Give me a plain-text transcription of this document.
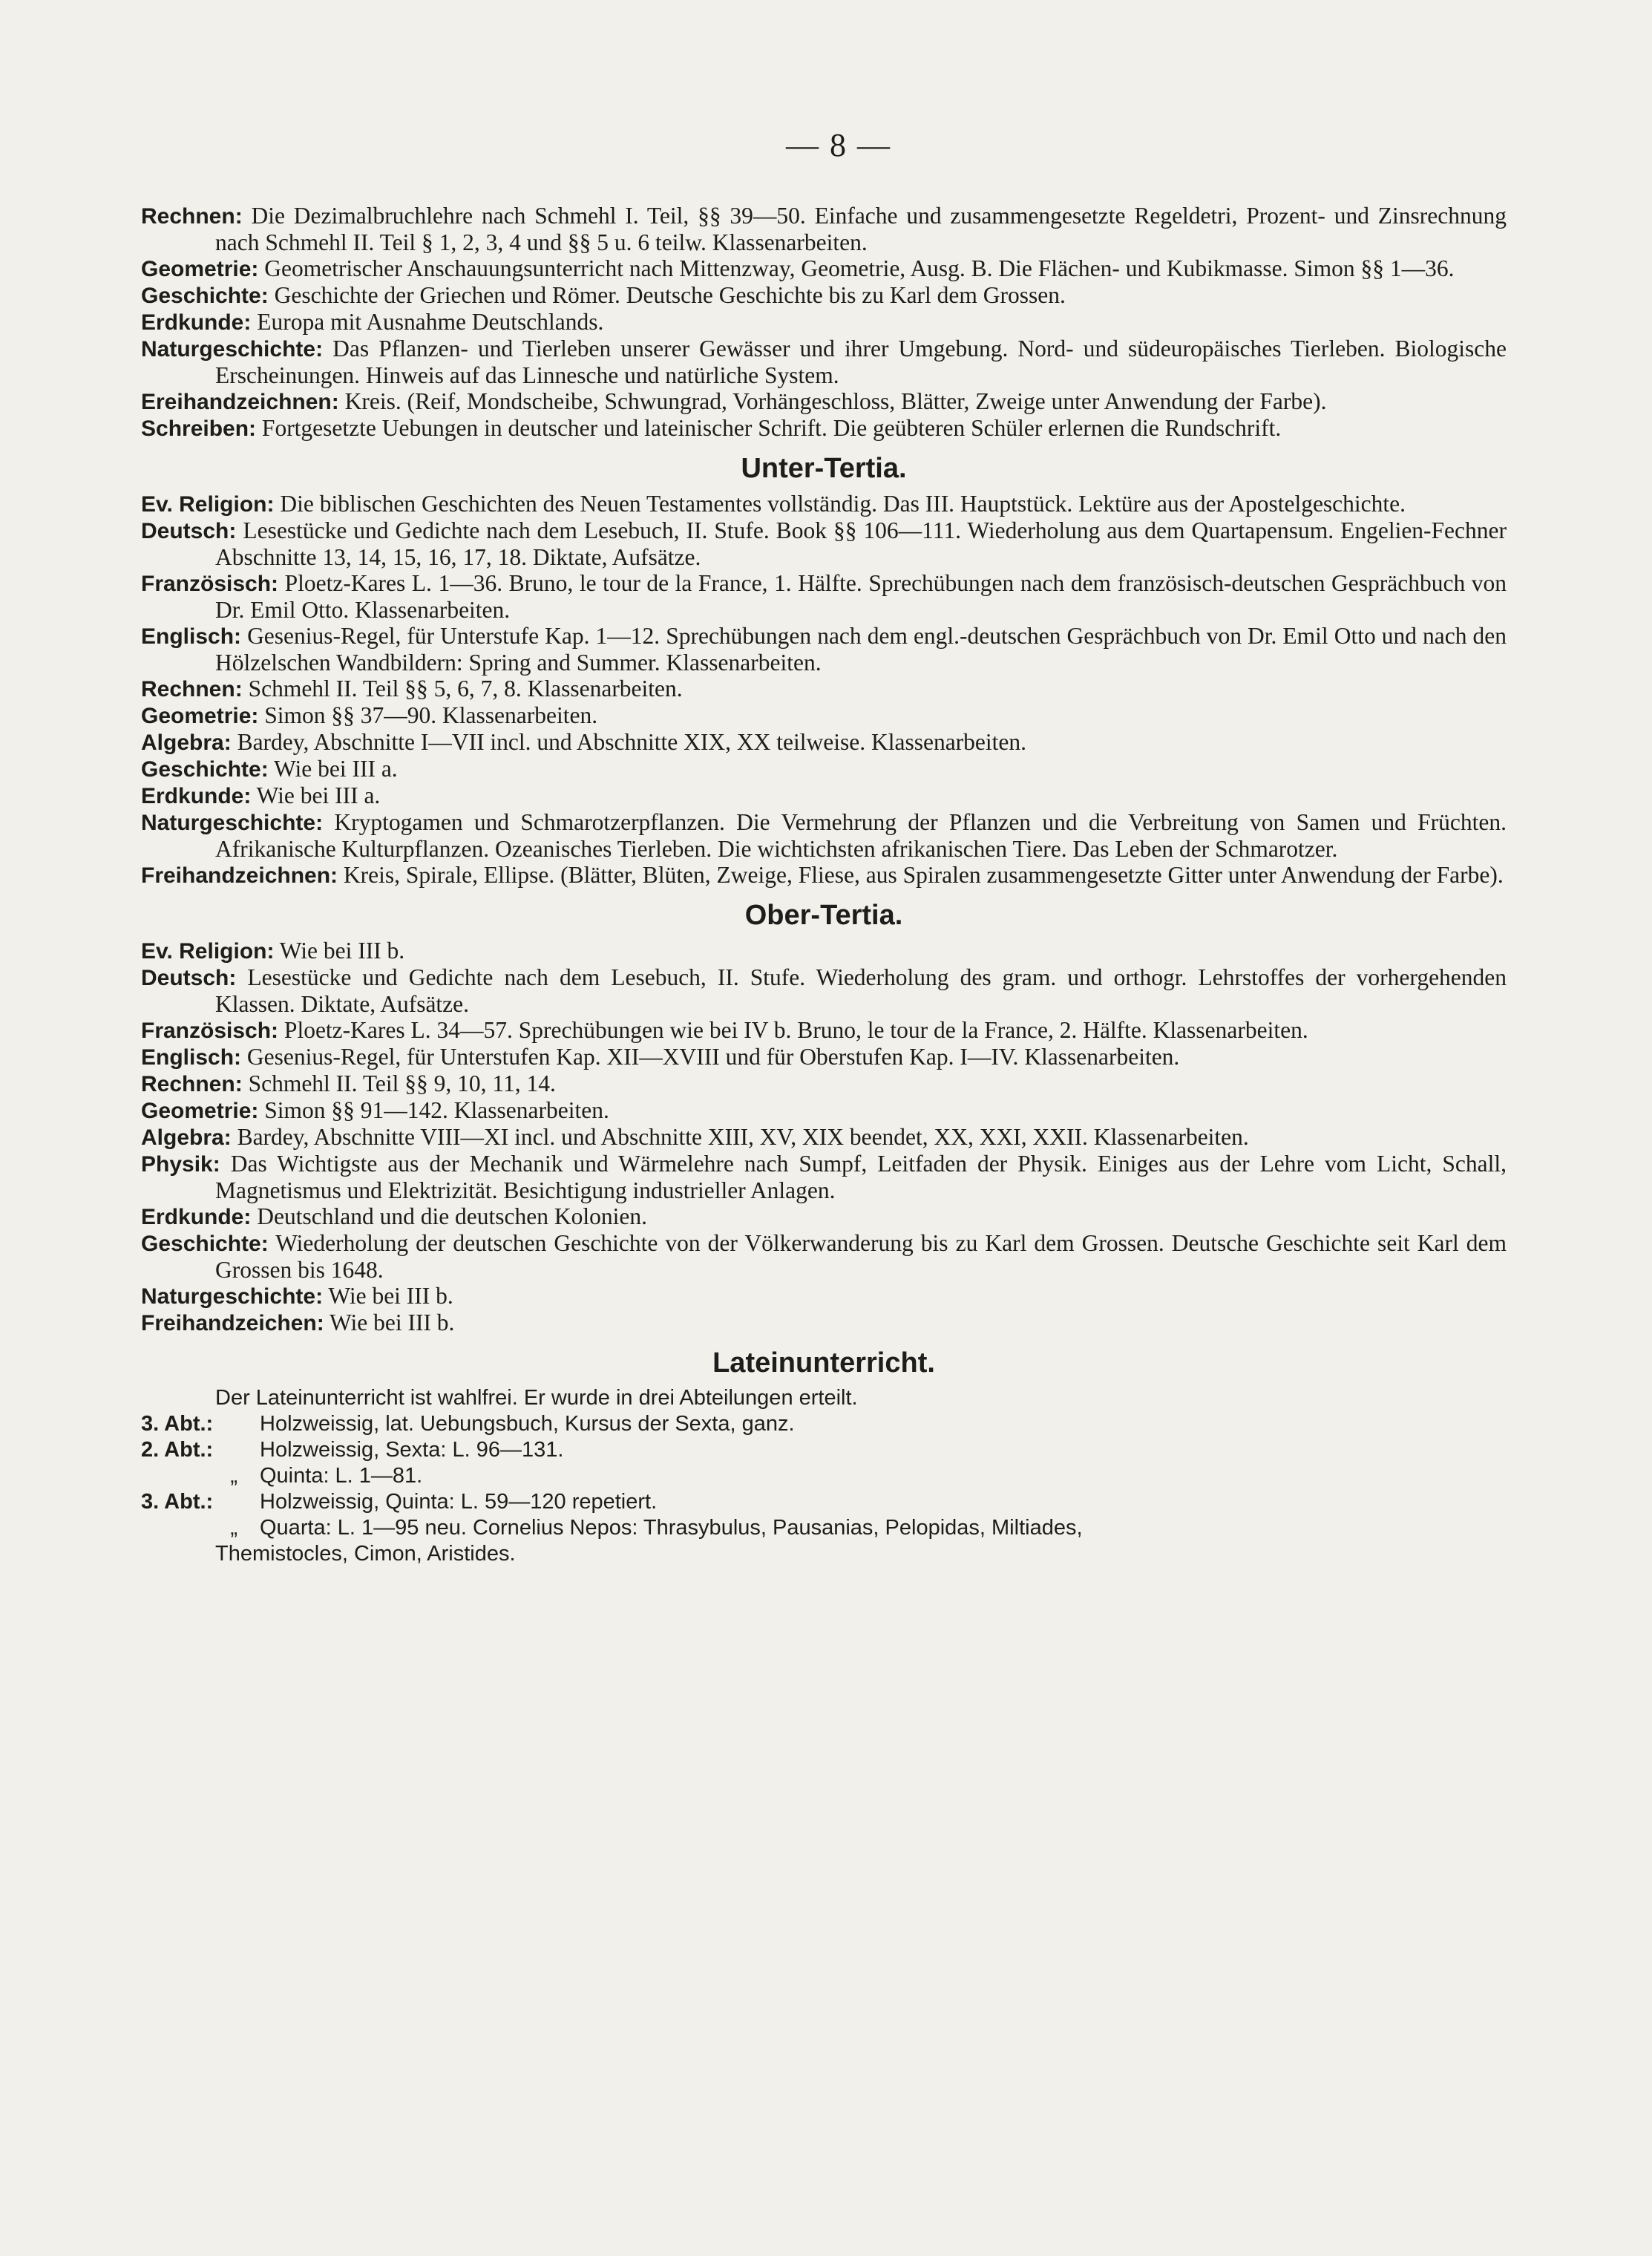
— 8 —
Rechnen: Die Dezimalbruchlehre nach Schmehl I. Teil, §§ 39—50. Einfache und zusammengesetzte Regeldetri, Prozent- und Zinsrechnung nach Schmehl II. Teil § 1, 2, 3, 4 und §§ 5 u. 6 teilw. Klassenarbeiten.
Geometrie: Geometrischer Anschauungsunterricht nach Mittenzway, Geometrie, Ausg. B. Die Flächen- und Kubikmasse. Simon §§ 1—36.
Geschichte: Geschichte der Griechen und Römer. Deutsche Geschichte bis zu Karl dem Grossen.
Erdkunde: Europa mit Ausnahme Deutschlands.
Naturgeschichte: Das Pflanzen- und Tierleben unserer Gewässer und ihrer Umgebung. Nord- und südeuropäisches Tierleben. Biologische Erscheinungen. Hinweis auf das Linnesche und natürliche System.
Ereihandzeichnen: Kreis. (Reif, Mondscheibe, Schwungrad, Vorhängeschloss, Blätter, Zweige unter Anwendung der Farbe).
Schreiben: Fortgesetzte Uebungen in deutscher und lateinischer Schrift. Die geübteren Schüler erlernen die Rundschrift.
Unter-Tertia.
Ev. Religion: Die biblischen Geschichten des Neuen Testamentes vollständig. Das III. Hauptstück. Lektüre aus der Apostelgeschichte.
Deutsch: Lesestücke und Gedichte nach dem Lesebuch, II. Stufe. Book §§ 106—111. Wiederholung aus dem Quartapensum. Engelien-Fechner Abschnitte 13, 14, 15, 16, 17, 18. Diktate, Aufsätze.
Französisch: Ploetz-Kares L. 1—36. Bruno, le tour de la France, 1. Hälfte. Sprechübungen nach dem französisch-deutschen Gesprächbuch von Dr. Emil Otto. Klassenarbeiten.
Englisch: Gesenius-Regel, für Unterstufe Kap. 1—12. Sprechübungen nach dem engl.-deutschen Gesprächbuch von Dr. Emil Otto und nach den Hölzelschen Wandbildern: Spring and Summer. Klassenarbeiten.
Rechnen: Schmehl II. Teil §§ 5, 6, 7, 8. Klassenarbeiten.
Geometrie: Simon §§ 37—90. Klassenarbeiten.
Algebra: Bardey, Abschnitte I—VII incl. und Abschnitte XIX, XX teilweise. Klassenarbeiten.
Geschichte: Wie bei III a.
Erdkunde: Wie bei III a.
Naturgeschichte: Kryptogamen und Schmarotzerpflanzen. Die Vermehrung der Pflanzen und die Verbreitung von Samen und Früchten. Afrikanische Kulturpflanzen. Ozeanisches Tierleben. Die wichtichsten afrikanischen Tiere. Das Leben der Schmarotzer.
Freihandzeichnen: Kreis, Spirale, Ellipse. (Blätter, Blüten, Zweige, Fliese, aus Spiralen zusammengesetzte Gitter unter Anwendung der Farbe).
Ober-Tertia.
Ev. Religion: Wie bei III b.
Deutsch: Lesestücke und Gedichte nach dem Lesebuch, II. Stufe. Wiederholung des gram. und orthogr. Lehrstoffes der vorhergehenden Klassen. Diktate, Aufsätze.
Französisch: Ploetz-Kares L. 34—57. Sprechübungen wie bei IV b. Bruno, le tour de la France, 2. Hälfte. Klassenarbeiten.
Englisch: Gesenius-Regel, für Unterstufen Kap. XII—XVIII und für Oberstufen Kap. I—IV. Klassenarbeiten.
Rechnen: Schmehl II. Teil §§ 9, 10, 11, 14.
Geometrie: Simon §§ 91—142. Klassenarbeiten.
Algebra: Bardey, Abschnitte VIII—XI incl. und Abschnitte XIII, XV, XIX beendet, XX, XXI, XXII. Klassenarbeiten.
Physik: Das Wichtigste aus der Mechanik und Wärmelehre nach Sumpf, Leitfaden der Physik. Einiges aus der Lehre vom Licht, Schall, Magnetismus und Elektrizität. Besichtigung industrieller Anlagen.
Erdkunde: Deutschland und die deutschen Kolonien.
Geschichte: Wiederholung der deutschen Geschichte von der Völkerwanderung bis zu Karl dem Grossen. Deutsche Geschichte seit Karl dem Grossen bis 1648.
Naturgeschichte: Wie bei III b.
Freihandzeichen: Wie bei III b.
Lateinunterricht.
Der Lateinunterricht ist wahlfrei. Er wurde in drei Abteilungen erteilt.
3. Abt.:	Holzweissig, lat. Uebungsbuch, Kursus der Sexta, ganz.
2. Abt.:	Holzweissig, Sexta: L. 96—131.
„	Quinta: L. 1—81.
3. Abt.:	Holzweissig, Quinta: L. 59—120 repetiert.
„	Quarta: L. 1—95 neu. Cornelius Nepos: Thrasybulus, Pausanias, Pelopidas, Miltiades,
Themistocles, Cimon, Aristides.
